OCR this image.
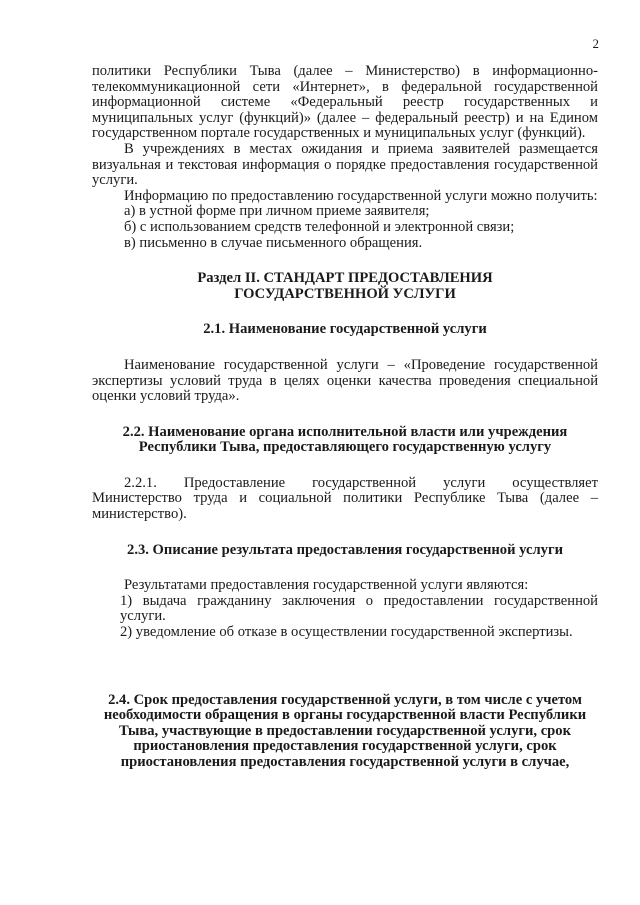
2

политики Республики Тыва (далее – Министерство) в информационно-телекоммуникационной сети «Интернет», в федеральной государственной информационной системе «Федеральный реестр государственных и муниципальных услуг (функций)» (далее – федеральный реестр) и на Едином государственном портале государственных и муниципальных услуг (функций).

В учреждениях в местах ожидания и приема заявителей размещается визуальная и текстовая информация о порядке предоставления государственной услуги.

Информацию по предоставлению государственной услуги можно получить:

а) в устной форме при личном приеме заявителя;

б) с использованием средств телефонной и электронной связи;

в) письменно в случае письменного обращения.

Раздел II. СТАНДАРТ ПРЕДОСТАВЛЕНИЯ

ГОСУДАРСТВЕННОЙ УСЛУГИ

2.1. Наименование государственной услуги

Наименование государственной услуги – «Проведение государственной экспертизы условий труда в целях оценки качества проведения специальной оценки условий труда».

2.2. Наименование органа исполнительной власти или учреждения Республики Тыва, предоставляющего государственную услугу

2.2.1. Предоставление государственной услуги осуществляет Министерство труда и социальной политики Республике Тыва (далее – министерство).

2.3. Описание результата предоставления государственной услуги

Результатами предоставления государственной услуги являются:

1) выдача гражданину заключения о предоставлении государственной услуги.

2) уведомление об отказе в осуществлении государственной экспертизы.

2.4. Срок предоставления государственной услуги, в том числе с учетом необходимости обращения в органы государственной власти Республики Тыва, участвующие в предоставлении государственной услуги, срок приостановления предоставления государственной услуги, срок приостановления предоставления государственной услуги в случае,
